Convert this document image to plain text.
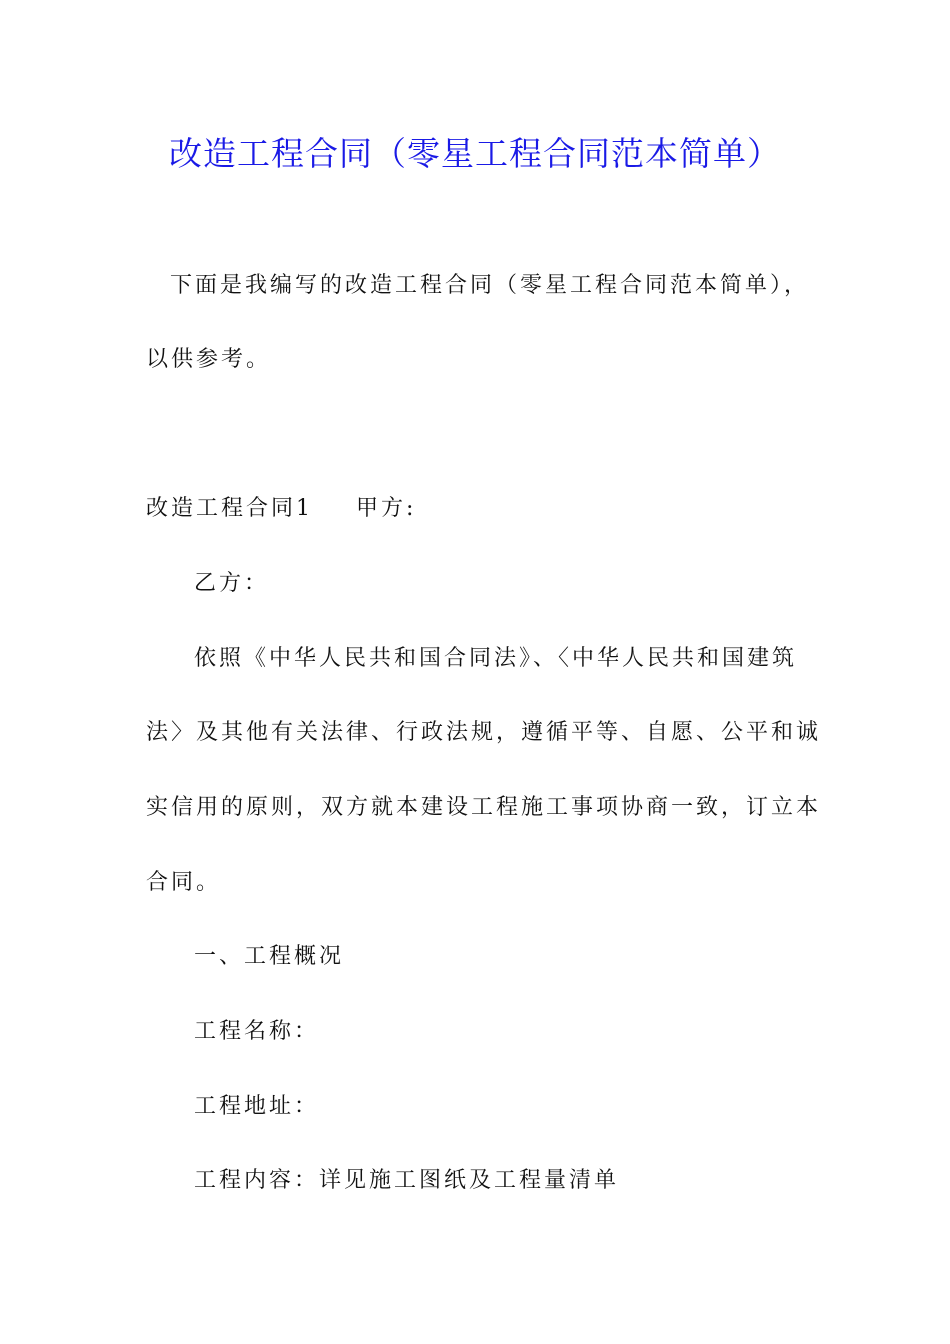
改造工程合同（零星工程合同范本简单）
下面是我编写的改造工程合同（零星工程合同范本简单），
以供参考。
改造工程合同1 甲方:
乙方：
依照《中华人民共和国合同法》、〈中华人民共和国建筑
法〉及其他有关法律、行政法规，遵循平等、自愿、公平和诚
实信用的原则，双方就本建设工程施工事项协商一致，订立本
合同。
一、工程概况
工程名称：
工程地址：
工程内容：详见施工图纸及工程量清单
